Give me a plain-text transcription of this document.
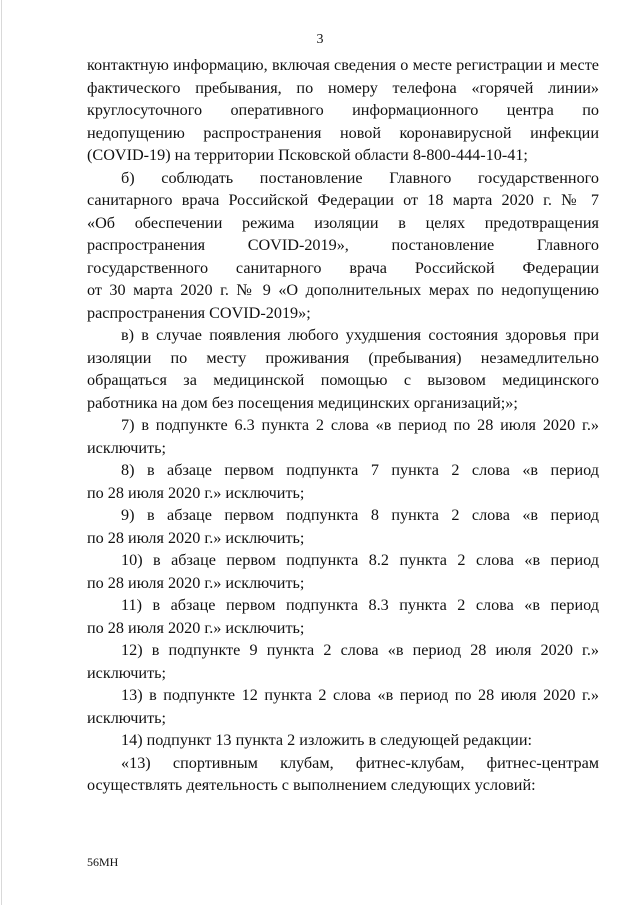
3
контактную информацию, включая сведения о месте регистрации и месте
фактического пребывания, по номеру телефона «горячей линии»
круглосуточного оперативного информационного центра по
недопущению распространения новой коронавирусной инфекции
(COVID-19) на территории Псковской области 8-800-444-10-41;
б) соблюдать постановление Главного государственного
санитарного врача Российской Федерации от 18 марта 2020 г. № 7
«Об обеспечении режима изоляции в целях предотвращения
распространения COVID-2019», постановление Главного
государственного санитарного врача Российской Федерации
от 30 марта 2020 г. № 9 «О дополнительных мерах по недопущению
распространения COVID-2019»;
в) в случае появления любого ухудшения состояния здоровья при
изоляции по месту проживания (пребывания) незамедлительно
обращаться за медицинской помощью с вызовом медицинского
работника на дом без посещения медицинских организаций;»;
7) в подпункте 6.3 пункта 2 слова «в период по 28 июля 2020 г.»
исключить;
8) в абзаце первом подпункта 7 пункта 2 слова «в период
по 28 июля 2020 г.» исключить;
9) в абзаце первом подпункта 8 пункта 2 слова «в период
по 28 июля 2020 г.» исключить;
10) в абзаце первом подпункта 8.2 пункта 2 слова «в период
по 28 июля 2020 г.» исключить;
11) в абзаце первом подпункта 8.3 пункта 2 слова «в период
по 28 июля 2020 г.» исключить;
12) в подпункте 9 пункта 2 слова «в период 28 июля 2020 г.»
исключить;
13) в подпункте 12 пункта 2 слова «в период по 28 июля 2020 г.»
исключить;
14) подпункт 13 пункта 2 изложить в следующей редакции:
«13) спортивным клубам, фитнес-клубам, фитнес-центрам
осуществлять деятельность с выполнением следующих условий:
56МН
